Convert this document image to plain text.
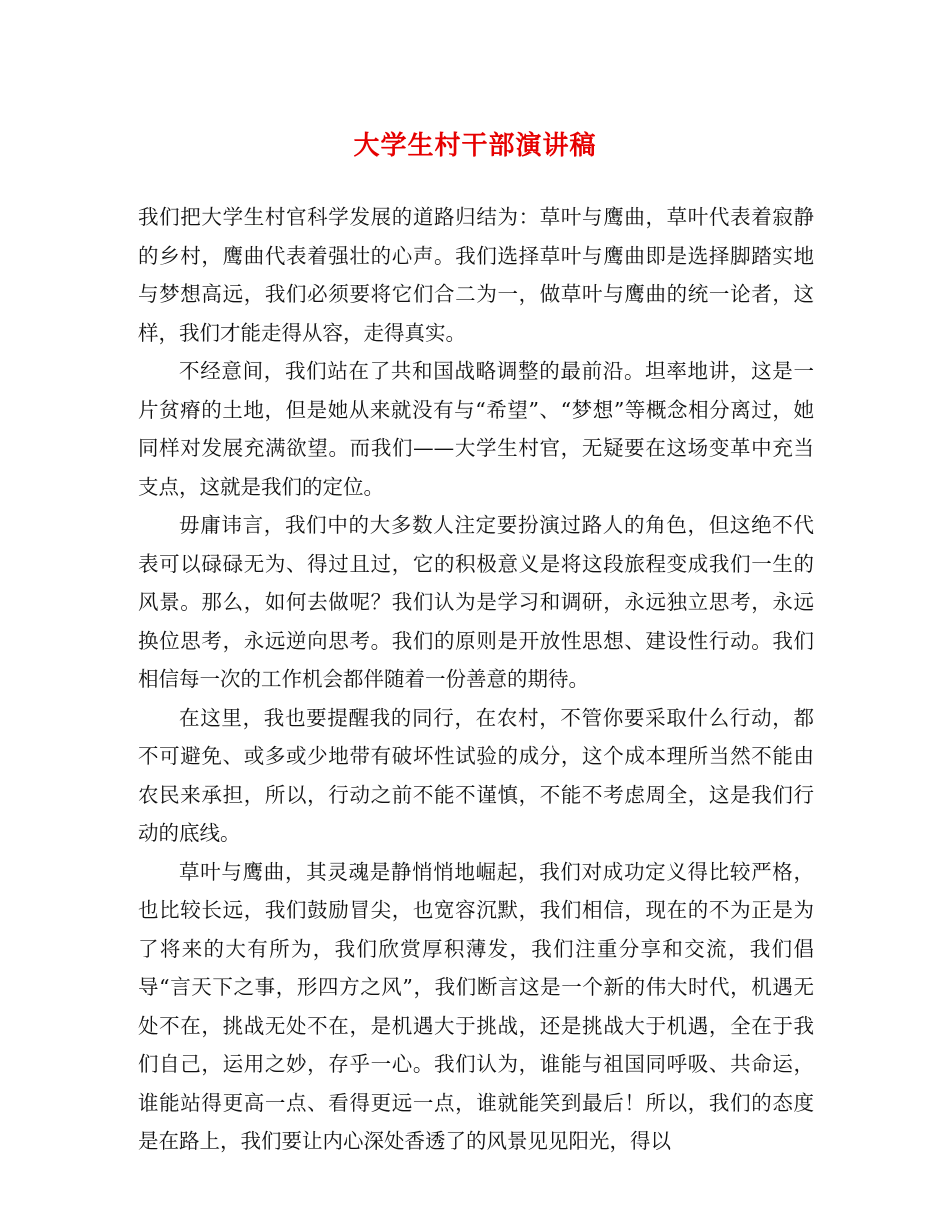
大学生村干部演讲稿

我们把大学生村官科学发展的道路归结为：草叶与鹰曲，草叶代表着寂静的乡村，鹰曲代表着强壮的心声。我们选择草叶与鹰曲即是选择脚踏实地与梦想高远，我们必须要将它们合二为一，做草叶与鹰曲的统一论者，这样，我们才能走得从容，走得真实。

不经意间，我们站在了共和国战略调整的最前沿。坦率地讲，这是一片贫瘠的土地，但是她从来就没有与“希望”、“梦想”等概念相分离过，她同样对发展充满欲望。而我们——大学生村官，无疑要在这场变革中充当支点，这就是我们的定位。

毋庸讳言，我们中的大多数人注定要扮演过路人的角色，但这绝不代表可以碌碌无为、得过且过，它的积极意义是将这段旅程变成我们一生的风景。那么，如何去做呢？我们认为是学习和调研，永远独立思考，永远换位思考，永远逆向思考。我们的原则是开放性思想、建设性行动。我们相信每一次的工作机会都伴随着一份善意的期待。

在这里，我也要提醒我的同行，在农村，不管你要采取什么行动，都不可避免、或多或少地带有破坏性试验的成分，这个成本理所当然不能由农民来承担，所以，行动之前不能不谨慎，不能不考虑周全，这是我们行动的底线。

草叶与鹰曲，其灵魂是静悄悄地崛起，我们对成功定义得比较严格，也比较长远，我们鼓励冒尖，也宽容沉默，我们相信，现在的不为正是为了将来的大有所为，我们欣赏厚积薄发，我们注重分享和交流，我们倡导“言天下之事，形四方之风”，我们断言这是一个新的伟大时代，机遇无处不在，挑战无处不在，是机遇大于挑战，还是挑战大于机遇，全在于我们自己，运用之妙，存乎一心。我们认为，谁能与祖国同呼吸、共命运，谁能站得更高一点、看得更远一点，谁就能笑到最后！所以，我们的态度是在路上，我们要让内心深处香透了的风景见见阳光，得以
